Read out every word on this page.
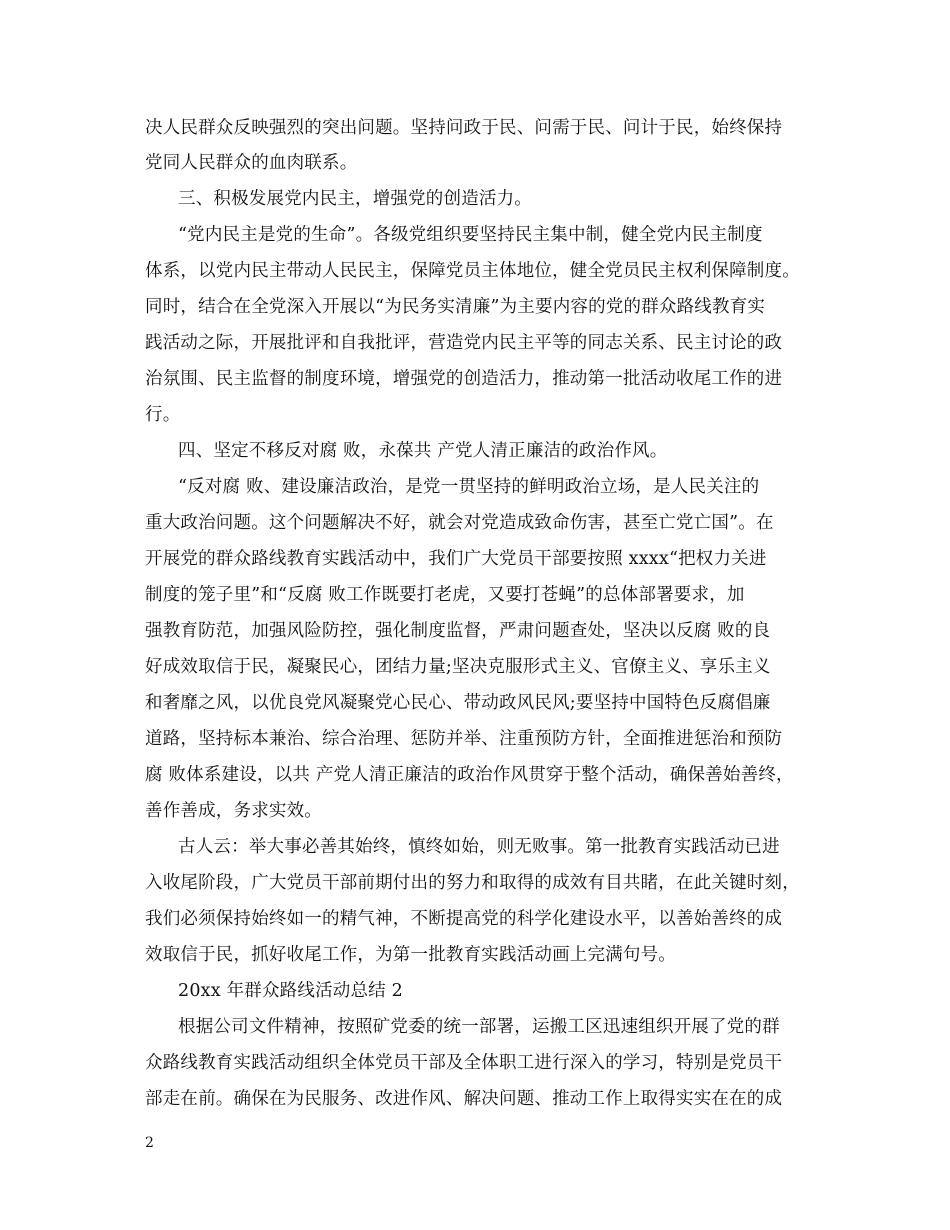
决人民群众反映强烈的突出问题。坚持问政于民、问需于民、问计于民，始终保持
党同人民群众的血肉联系。
三、积极发展党内民主，增强党的创造活力。
“党内民主是党的生命”。各级党组织要坚持民主集中制，健全党内民主制度
体系，以党内民主带动人民民主，保障党员主体地位，健全党员民主权利保障制度。
同时，结合在全党深入开展以“为民务实清廉”为主要内容的党的群众路线教育实
践活动之际，开展批评和自我批评，营造党内民主平等的同志关系、民主讨论的政
治氛围、民主监督的制度环境，增强党的创造活力，推动第一批活动收尾工作的进
行。
四、坚定不移反对腐 败，永葆共 产党人清正廉洁的政治作风。
“反对腐 败、建设廉洁政治，是党一贯坚持的鲜明政治立场，是人民关注的
重大政治问题。这个问题解决不好，就会对党造成致命伤害，甚至亡党亡国”。在
开展党的群众路线教育实践活动中，我们广大党员干部要按照 xxxx“把权力关进
制度的笼子里”和“反腐 败工作既要打老虎，又要打苍蝇”的总体部署要求，加
强教育防范，加强风险防控，强化制度监督，严肃问题查处，坚决以反腐 败的良
好成效取信于民，凝聚民心，团结力量;坚决克服形式主义、官僚主义、享乐主义
和奢靡之风，以优良党风凝聚党心民心、带动政风民风;要坚持中国特色反腐倡廉
道路，坚持标本兼治、综合治理、惩防并举、注重预防方针，全面推进惩治和预防
腐 败体系建设，以共 产党人清正廉洁的政治作风贯穿于整个活动，确保善始善终，
善作善成，务求实效。
古人云：举大事必善其始终，慎终如始，则无败事。第一批教育实践活动已进
入收尾阶段，广大党员干部前期付出的努力和取得的成效有目共睹，在此关键时刻，
我们必须保持始终如一的精气神，不断提高党的科学化建设水平，以善始善终的成
效取信于民，抓好收尾工作，为第一批教育实践活动画上完满句号。
20xx 年群众路线活动总结 2
根据公司文件精神，按照矿党委的统一部署，运搬工区迅速组织开展了党的群
众路线教育实践活动组织全体党员干部及全体职工进行深入的学习，特别是党员干
部走在前。确保在为民服务、改进作风、解决问题、推动工作上取得实实在在的成
2
